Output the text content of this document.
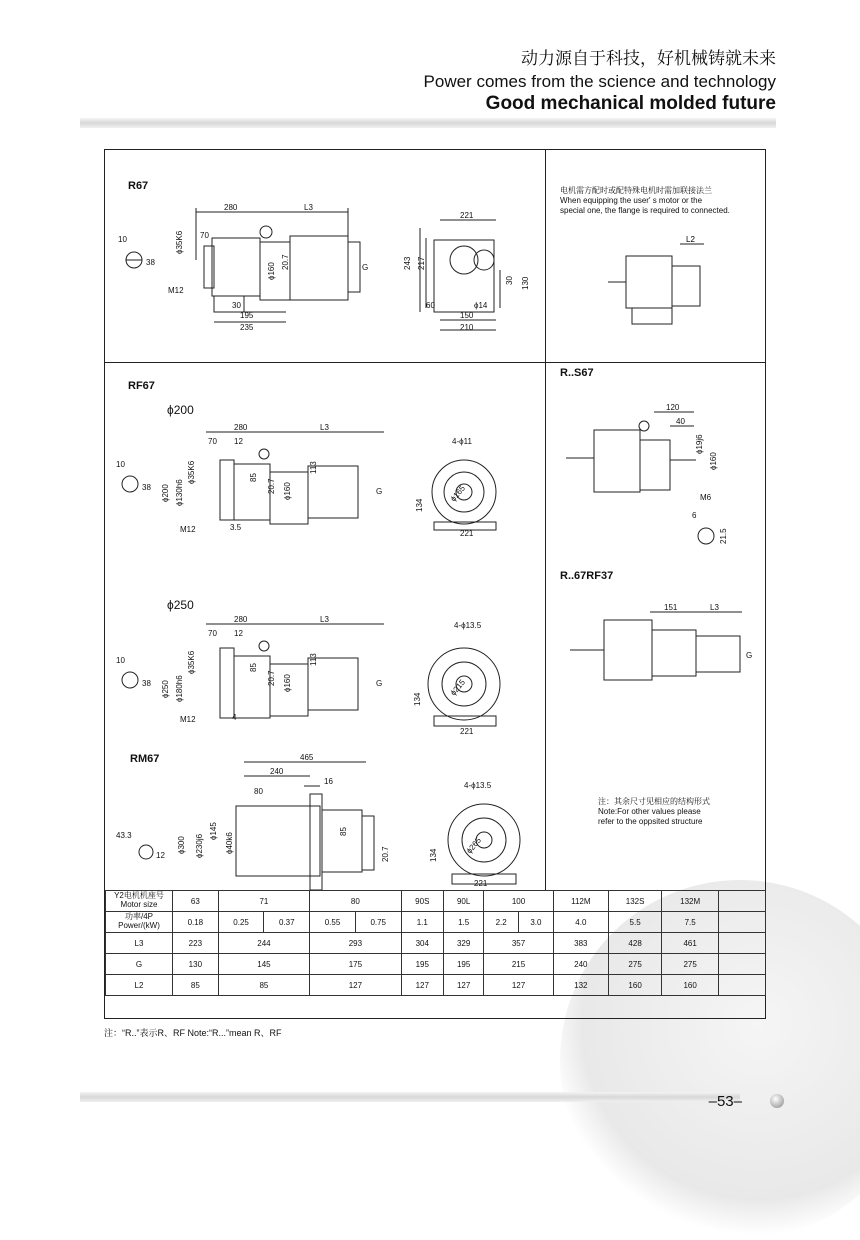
动力源自于科技，好机械铸就未来
Power comes from the science and technology
Good mechanical molded future
R67
RF67
ϕ200
ϕ250
RM67
R..S67
R..67RF37
电机需方配时或配特殊电机时需加联接法兰
When equipping the user' s motor or the
special one, the flange is required to connected.
注：其余尺寸见相应的结构形式
Note:For other values please
refer to the oppsited structure
280	L3
70
10
38
ϕ35K6
ϕ160 20.7	G
M12
30
195
235
221
243 217
30 130
60	ϕ14
150
210
280	L3
70 12
10
38 ϕ200 ϕ130h6
ϕ35K6	85
20.7 ϕ160
113
G
M12	3.5
4-ϕ11
ϕ165
134
221
280	L3
70 12
10
38 ϕ250 ϕ180h6
ϕ35K6	85
20.7 ϕ160
113
G
M12	4
4-ϕ13.5
ϕ215
134
221
465
240
16
80
43.3
12
ϕ300 ϕ230j6	ϕ40k6
85
20.7
ϕ145
4-ϕ13.5
ϕ265
134
221
L2
120
40
ϕ19j6
ϕ160
M6
6
21.5
151	L3
G
Y2电机机座号
Motor size	63	71		80		90S	90L	100		112M	132S	132M	
功率/4P
Power/(kW)	0.18	0.25	0.37	0.55	0.75	1.1	1.5	2.2	3.0	4.0	5.5	7.5	
L3	223	244		293		304	329	357		383	428	461	
G	130	145		175		195	195	215		240	275	275	
L2	85	85		127		127	127	127		132	160	160	
注：“R..”表示R、RF Note:“R...”mean R、RF
–53–
